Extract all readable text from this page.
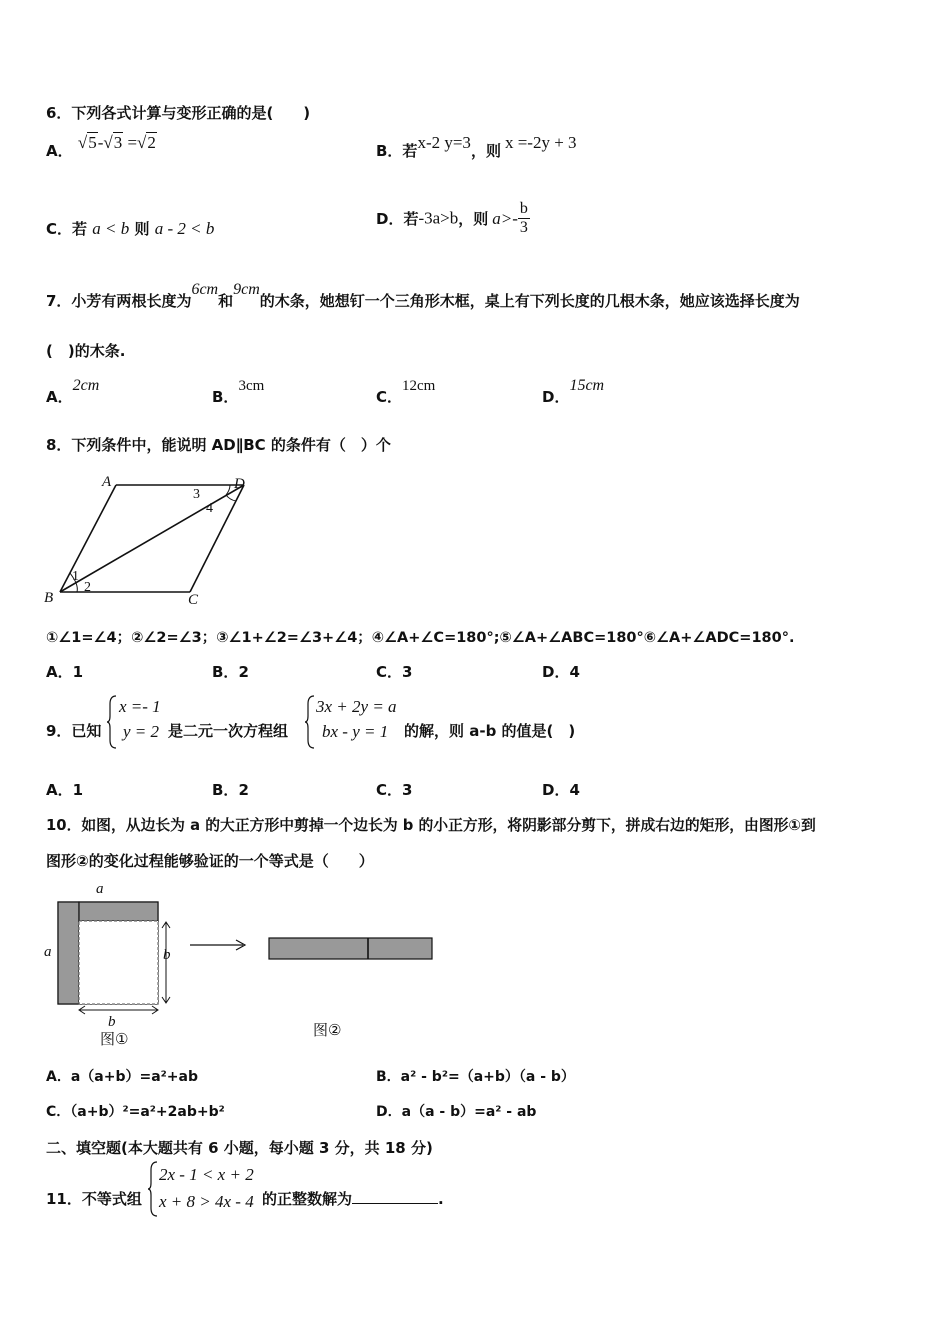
6．下列各式计算与变形正确的是(　　)
A． √5-√3 =√2	B．若x-2 y=3，则 x =-2y + 3
C．若 a < b 则 a - 2 < b	D．若-3a>b，则 $a>- \frac{b}{3}$
7．小芳有两根长度为6cm和9cm的木条，她想钉一个三角形木框，桌上有下列长度的几根木条，她应该选择长度为
(　)的木条.
A．2cm
B．3cm
C．12cm
D．15cm
8．下列条件中，能说明 AD∥BC 的条件有（　）个
A	D
B	C
1
2
3
4
①∠1=∠4；②∠2=∠3；③∠1+∠2=∠3+∠4；④∠A+∠C=180°;⑤∠A+∠ABC=180°⑥∠A+∠ADC=180°.
A．1	B．2	C．3	D．4
9．已知
x =- 1
y = 2 是二元一次方程组
3x + 2y = a
bx - y = 1	的解，则 a-b 的值是(　)
A．1	B．2	C．3	D．4
10．如图，从边长为 a 的大正方形中剪掉一个边长为 b 的小正方形，将阴影部分剪下，拼成右边的矩形，由图形①到
图形②的变化过程能够验证的一个等式是（　　）
a
a	b
b
图①	图②
A．a（a+b）=a²+ab	B．a² - b²=（a+b）（a - b）
C．（a+b）²=a²+2ab+b²	D．a（a - b）=a² - ab
二、填空题(本大题共有 6 小题，每小题 3 分，共 18 分)
11．不等式组
2x - 1 < x + 2
x + 8 > 4x - 4 的正整数解为	.
